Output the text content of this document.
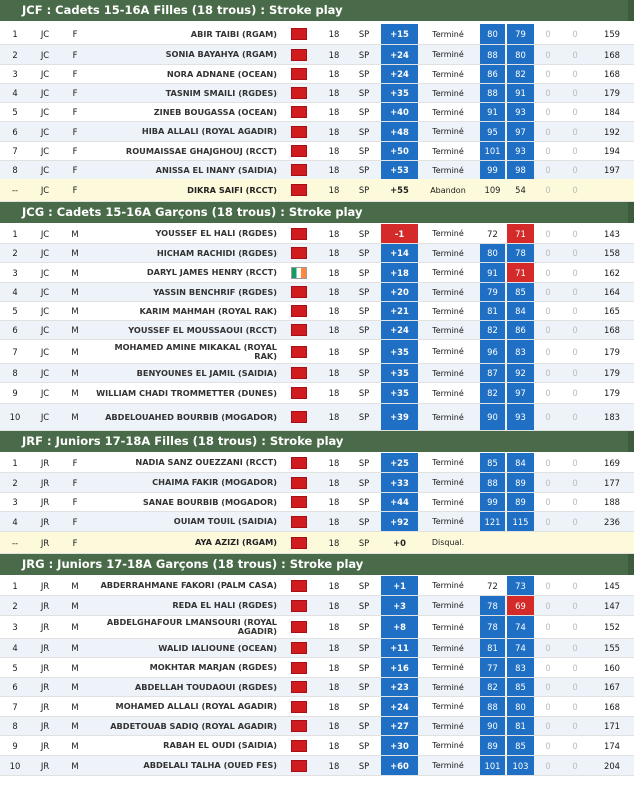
JCF : Cadets 15-16A Filles (18 trous) : Stroke play
1	JC	F	ABIR TAIBI (RGAM)	18	SP	+15	Terminé	80	79	0	0	159
2	JC	F	SONIA BAYAHYA (RGAM)	18	SP	+24	Terminé	88	80	0	0	168
3	JC	F	NORA ADNANE (OCEAN)	18	SP	+24	Terminé	86	82	0	0	168
4	JC	F	TASNIM SMAILI (RGDES)	18	SP	+35	Terminé	88	91	0	0	179
5	JC	F	ZINEB BOUGASSA (OCEAN)	18	SP	+40	Terminé	91	93	0	0	184
6	JC	F	HIBA ALLALI (ROYAL AGADIR)	18	SP	+48	Terminé	95	97	0	0	192
7	JC	F	ROUMAISSAE GHAJGHOUJ (RCCT)	18	SP	+50	Terminé	101	93	0	0	194
8	JC	F	ANISSA EL INANY (SAIDIA)	18	SP	+53	Terminé	99	98	0	0	197
--	JC	F	DIKRA SAIFI (RCCT)	18	SP	+55	Abandon	109	54	0	0
JCG : Cadets 15-16A Garçons (18 trous) : Stroke play
1	JC	M	YOUSSEF EL HALI (RGDES)	18	SP	-1	Terminé	72	71	0	0	143
2	JC	M	HICHAM RACHIDI (RGDES)	18	SP	+14	Terminé	80	78	0	0	158
3	JC	M	DARYL JAMES HENRY (RCCT)	18	SP	+18	Terminé	91	71	0	0	162
4	JC	M	YASSIN BENCHRIF (RGDES)	18	SP	+20	Terminé	79	85	0	0	164
5	JC	M	KARIM MAHMAH (ROYAL RAK)	18	SP	+21	Terminé	81	84	0	0	165
6	JC	M	YOUSSEF EL MOUSSAOUI (RCCT)	18	SP	+24	Terminé	82	86	0	0	168
7	JC	M	MOHAMED AMINE MIKAKAL (ROYAL RAK)	18	SP	+35	Terminé	96	83	0	0	179
8	JC	M	BENYOUNES EL JAMIL (SAIDIA)	18	SP	+35	Terminé	87	92	0	0	179
9	JC	M	WILLIAM CHADI TROMMETTER (DUNES)	18	SP	+35	Terminé	82	97	0	0	179
10	JC	M	ABDELOUAHED BOURBIB (MOGADOR)	18	SP	+39	Terminé	90	93	0	0	183
JRF : Juniors 17-18A Filles (18 trous) : Stroke play
1	JR	F	NADIA SANZ OUEZZANI (RCCT)	18	SP	+25	Terminé	85	84	0	0	169
2	JR	F	CHAIMA FAKIR (MOGADOR)	18	SP	+33	Terminé	88	89	0	0	177
3	JR	F	SANAE BOURBIB (MOGADOR)	18	SP	+44	Terminé	99	89	0	0	188
4	JR	F	OUIAM TOUIL (SAIDIA)	18	SP	+92	Terminé	121	115	0	0	236
--	JR	F	AYA AZIZI (RGAM)	18	SP	+0	Disqual.
JRG : Juniors 17-18A Garçons (18 trous) : Stroke play
1	JR	M	ABDERRAHMANE FAKORI (PALM CASA)	18	SP	+1	Terminé	72	73	0	0	145
2	JR	M	REDA EL HALI (RGDES)	18	SP	+3	Terminé	78	69	0	0	147
3	JR	M	ABDELGHAFOUR LMANSOURI (ROYAL AGADIR)	18	SP	+8	Terminé	78	74	0	0	152
4	JR	M	WALID IALIOUNE (OCEAN)	18	SP	+11	Terminé	81	74	0	0	155
5	JR	M	MOKHTAR MARJAN (RGDES)	18	SP	+16	Terminé	77	83	0	0	160
6	JR	M	ABDELLAH TOUDAOUI (RGDES)	18	SP	+23	Terminé	82	85	0	0	167
7	JR	M	MOHAMED ALLALI (ROYAL AGADIR)	18	SP	+24	Terminé	88	80	0	0	168
8	JR	M	ABDETOUAB SADIQ (ROYAL AGADIR)	18	SP	+27	Terminé	90	81	0	0	171
9	JR	M	RABAH EL OUDI (SAIDIA)	18	SP	+30	Terminé	89	85	0	0	174
10	JR	M	ABDELALI TALHA (OUED FES)	18	SP	+60	Terminé	101	103	0	0	204
